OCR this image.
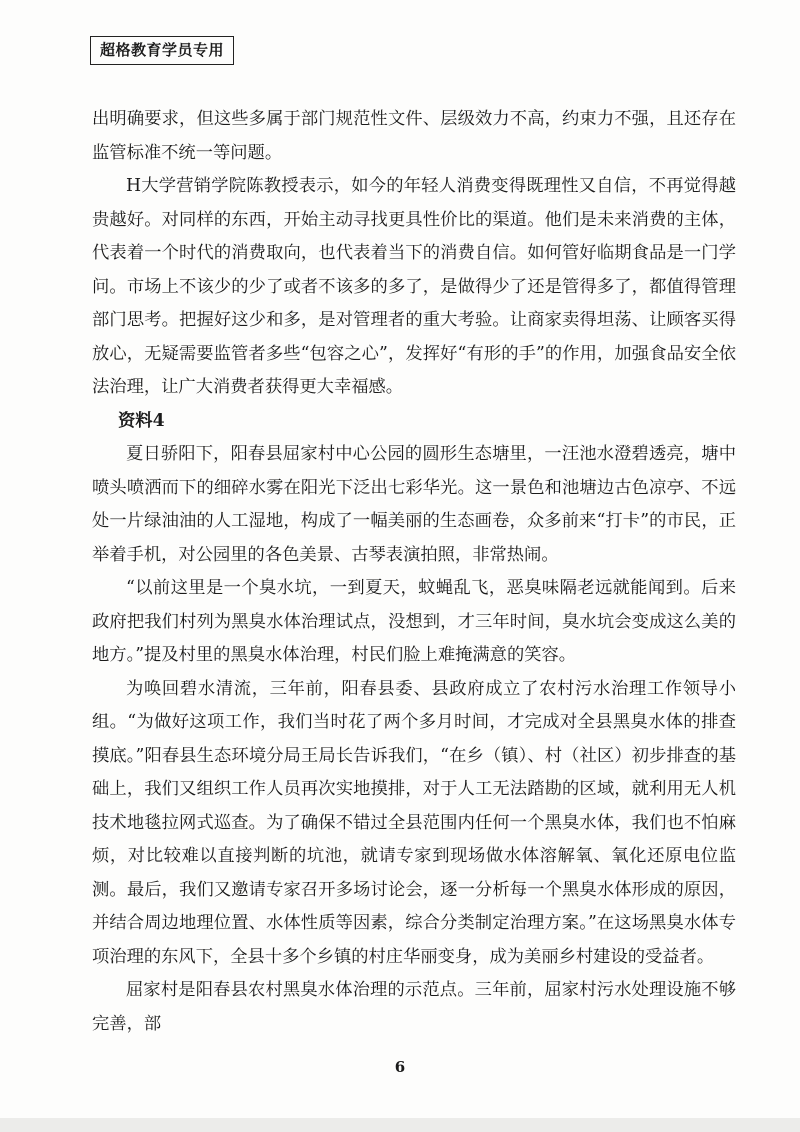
超格教育学员专用

出明确要求，但这些多属于部门规范性文件、层级效力不高，约束力不强，且还存在监管标准不统一等问题。

H大学营销学院陈教授表示，如今的年轻人消费变得既理性又自信，不再觉得越贵越好。对同样的东西，开始主动寻找更具性价比的渠道。他们是未来消费的主体，代表着一个时代的消费取向，也代表着当下的消费自信。如何管好临期食品是一门学问。市场上不该少的少了或者不该多的多了，是做得少了还是管得多了，都值得管理部门思考。把握好这少和多，是对管理者的重大考验。让商家卖得坦荡、让顾客买得放心，无疑需要监管者多些“包容之心”，发挥好“有形的手”的作用，加强食品安全依法治理，让广大消费者获得更大幸福感。

资料4

夏日骄阳下，阳春县屈家村中心公园的圆形生态塘里，一汪池水澄碧透亮，塘中喷头喷洒而下的细碎水雾在阳光下泛出七彩华光。这一景色和池塘边古色凉亭、不远处一片绿油油的人工湿地，构成了一幅美丽的生态画卷，众多前来“打卡”的市民，正举着手机，对公园里的各色美景、古琴表演拍照，非常热闹。

“以前这里是一个臭水坑，一到夏天，蚊蝇乱飞，恶臭味隔老远就能闻到。后来政府把我们村列为黑臭水体治理试点，没想到，才三年时间，臭水坑会变成这么美的地方。”提及村里的黑臭水体治理，村民们脸上难掩满意的笑容。

为唤回碧水清流，三年前，阳春县委、县政府成立了农村污水治理工作领导小组。“为做好这项工作，我们当时花了两个多月时间，才完成对全县黑臭水体的排查摸底。”阳春县生态环境分局王局长告诉我们，“在乡（镇）、村（社区）初步排查的基础上，我们又组织工作人员再次实地摸排，对于人工无法踏勘的区域，就利用无人机技术地毯拉网式巡查。为了确保不错过全县范围内任何一个黑臭水体，我们也不怕麻烦，对比较难以直接判断的坑池，就请专家到现场做水体溶解氧、氧化还原电位监测。最后，我们又邀请专家召开多场讨论会，逐一分析每一个黑臭水体形成的原因，并结合周边地理位置、水体性质等因素，综合分类制定治理方案。”在这场黑臭水体专项治理的东风下，全县十多个乡镇的村庄华丽变身，成为美丽乡村建设的受益者。

屈家村是阳春县农村黑臭水体治理的示范点。三年前，屈家村污水处理设施不够完善，部

6
